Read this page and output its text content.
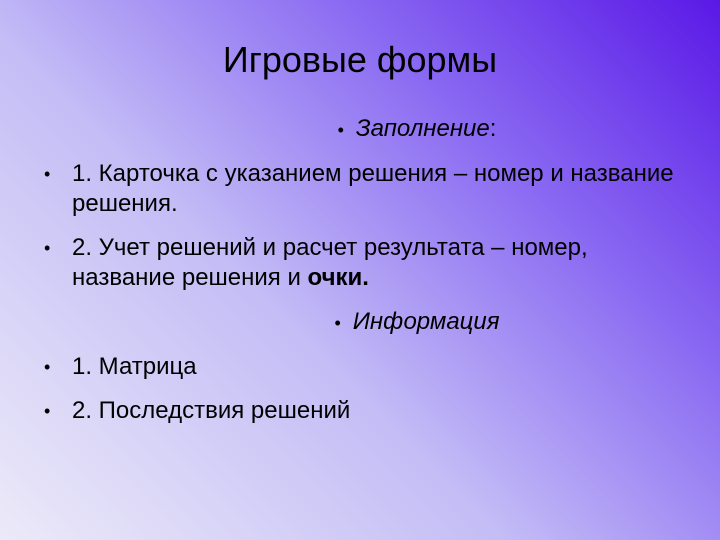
Игровые формы
• Заполнение:
• 1. Карточка с указанием решения – номер и название решения.
• 2. Учет решений и расчет результата – номер, название решения и очки.
• Информация
• 1. Матрица
• 2. Последствия решений
